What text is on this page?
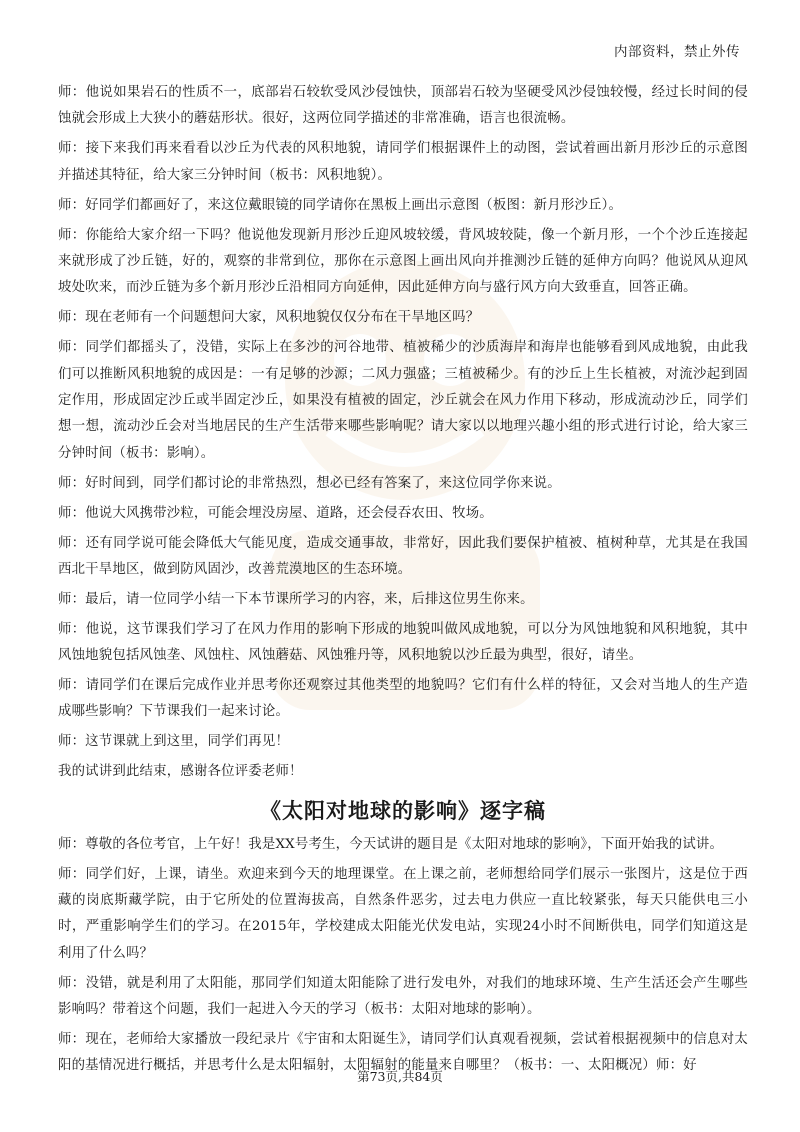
内部资料，禁止外传

师：他说如果岩石的性质不一，底部岩石较软受风沙侵蚀快，顶部岩石较为坚硬受风沙侵蚀较慢，经过长时间的侵蚀就会形成上大狭小的蘑菇形状。很好，这两位同学描述的非常准确，语言也很流畅。

师：接下来我们再来看看以沙丘为代表的风积地貌，请同学们根据课件上的动图，尝试着画出新月形沙丘的示意图并描述其特征，给大家三分钟时间（板书：风积地貌）。

师：好同学们都画好了，来这位戴眼镜的同学请你在黑板上画出示意图（板图：新月形沙丘）。

师：你能给大家介绍一下吗？他说他发现新月形沙丘迎风坡较缓，背风坡较陡，像一个新月形，一个个沙丘连接起来就形成了沙丘链，好的，观察的非常到位，那你在示意图上画出风向并推测沙丘链的延伸方向吗？他说风从迎风坡处吹来，而沙丘链为多个新月形沙丘沿相同方向延伸，因此延伸方向与盛行风方向大致垂直，回答正确。

师：现在老师有一个问题想问大家，风积地貌仅仅分布在干旱地区吗？

师：同学们都摇头了，没错，实际上在多沙的河谷地带、植被稀少的沙质海岸和海岸也能够看到风成地貌，由此我们可以推断风积地貌的成因是：一有足够的沙源；二风力强盛；三植被稀少。有的沙丘上生长植被，对流沙起到固定作用，形成固定沙丘或半固定沙丘，如果没有植被的固定，沙丘就会在风力作用下移动，形成流动沙丘，同学们想一想，流动沙丘会对当地居民的生产生活带来哪些影响呢？请大家以以地理兴趣小组的形式进行讨论，给大家三分钟时间（板书：影响）。

师：好时间到，同学们都讨论的非常热烈，想必已经有答案了，来这位同学你来说。

师：他说大风携带沙粒，可能会埋没房屋、道路，还会侵吞农田、牧场。

师：还有同学说可能会降低大气能见度，造成交通事故，非常好，因此我们要保护植被、植树种草，尤其是在我国西北干旱地区，做到防风固沙，改善荒漠地区的生态环境。

师：最后，请一位同学小结一下本节课所学习的内容，来，后排这位男生你来。

师：他说，这节课我们学习了在风力作用的影响下形成的地貌叫做风成地貌，可以分为风蚀地貌和风积地貌，其中风蚀地貌包括风蚀垄、风蚀柱、风蚀蘑菇、风蚀雅丹等，风积地貌以沙丘最为典型，很好，请坐。

师：请同学们在课后完成作业并思考你还观察过其他类型的地貌吗？它们有什么样的特征，又会对当地人的生产造成哪些影响？下节课我们一起来讨论。

师：这节课就上到这里，同学们再见！

我的试讲到此结束，感谢各位评委老师！

《太阳对地球的影响》逐字稿

师：尊敬的各位考官，上午好！我是XX号考生，今天试讲的题目是《太阳对地球的影响》，下面开始我的试讲。

师：同学们好，上课，请坐。欢迎来到今天的地理课堂。在上课之前，老师想给同学们展示一张图片，这是位于西藏的岗底斯藏学院，由于它所处的位置海拔高，自然条件恶劣，过去电力供应一直比较紧张，每天只能供电三小时，严重影响学生们的学习。在2015年，学校建成太阳能光伏发电站，实现24小时不间断供电，同学们知道这是利用了什么吗？

师：没错，就是利用了太阳能，那同学们知道太阳能除了进行发电外，对我们的地球环境、生产生活还会产生哪些影响吗？带着这个问题，我们一起进入今天的学习（板书：太阳对地球的影响）。

师：现在，老师给大家播放一段纪录片《宇宙和太阳诞生》，请同学们认真观看视频，尝试着根据视频中的信息对太阳的基情况进行概括，并思考什么是太阳辐射，太阳辐射的能量来自哪里？（板书：一、太阳概况）师：好

第73页,共84页
